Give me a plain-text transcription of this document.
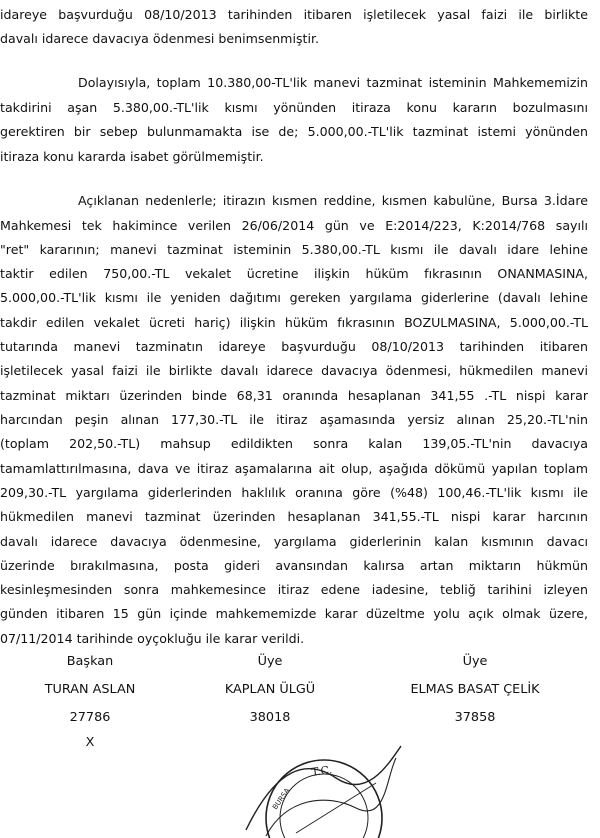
idareye başvurduğu 08/10/2013 tarihinden itibaren işletilecek yasal faizi ile birlikte
davalı idarece davacıya ödenmesi benimsenmiştir.
Dolayısıyla, toplam 10.380,00-TL'lik manevi tazminat isteminin Mahkememizin
takdirini aşan 5.380,00.-TL'lik kısmı yönünden itiraza konu kararın bozulmasını
gerektiren bir sebep bulunmamakta ise de; 5.000,00.-TL'lik tazminat istemi yönünden
itiraza konu kararda isabet görülmemiştir.
Açıklanan nedenlerle; itirazın kısmen reddine, kısmen kabulüne, Bursa 3.İdare
Mahkemesi tek hakimince verilen 26/06/2014 gün ve E:2014/223, K:2014/768 sayılı
"ret" kararının; manevi tazminat isteminin 5.380,00.-TL kısmı ile davalı idare lehine
taktir edilen 750,00.-TL vekalet ücretine ilişkin hüküm fıkrasının ONANMASINA,
5.000,00.-TL'lik kısmı ile yeniden dağıtımı gereken yargılama giderlerine (davalı lehine
takdir edilen vekalet ücreti hariç) ilişkin hüküm fıkrasının BOZULMASINA, 5.000,00.-TL
tutarında manevi tazminatın idareye başvurduğu 08/10/2013 tarihinden itibaren
işletilecek yasal faizi ile birlikte davalı idarece davacıya ödenmesi, hükmedilen manevi
tazminat miktarı üzerinden binde 68,31 oranında hesaplanan 341,55 .-TL nispi karar
harcından peşin alınan 177,30.-TL ile itiraz aşamasında yersiz alınan 25,20.-TL'nin
(toplam 202,50.-TL) mahsup edildikten sonra kalan 139,05.-TL'nin davacıya
tamamlattırılmasına, dava ve itiraz aşamalarına ait olup, aşağıda dökümü yapılan toplam
209,30.-TL yargılama giderlerinden haklılık oranına göre (%48) 100,46.-TL'lik kısmı ile
hükmedilen manevi tazminat üzerinden hesaplanan 341,55.-TL nispi karar harcının
davalı idarece davacıya ödenmesine, yargılama giderlerinin kalan kısmının davacı
üzerinde bırakılmasına, posta gideri avansından kalırsa artan miktarın hükmün
kesinleşmesinden sonra mahkemesince itiraz edene iadesine, tebliğ tarihini izleyen
günden itibaren 15 gün içinde mahkememizde karar düzeltme yolu açık olmak üzere,
07/11/2014 tarihinde oyçokluğu ile karar verildi.
Başkan
TURAN ASLAN
27786
X
Üye
KAPLAN ÜLGÜ
38018
Üye
ELMAS BASAT ÇELİK
37858
T.C.
BURSA
